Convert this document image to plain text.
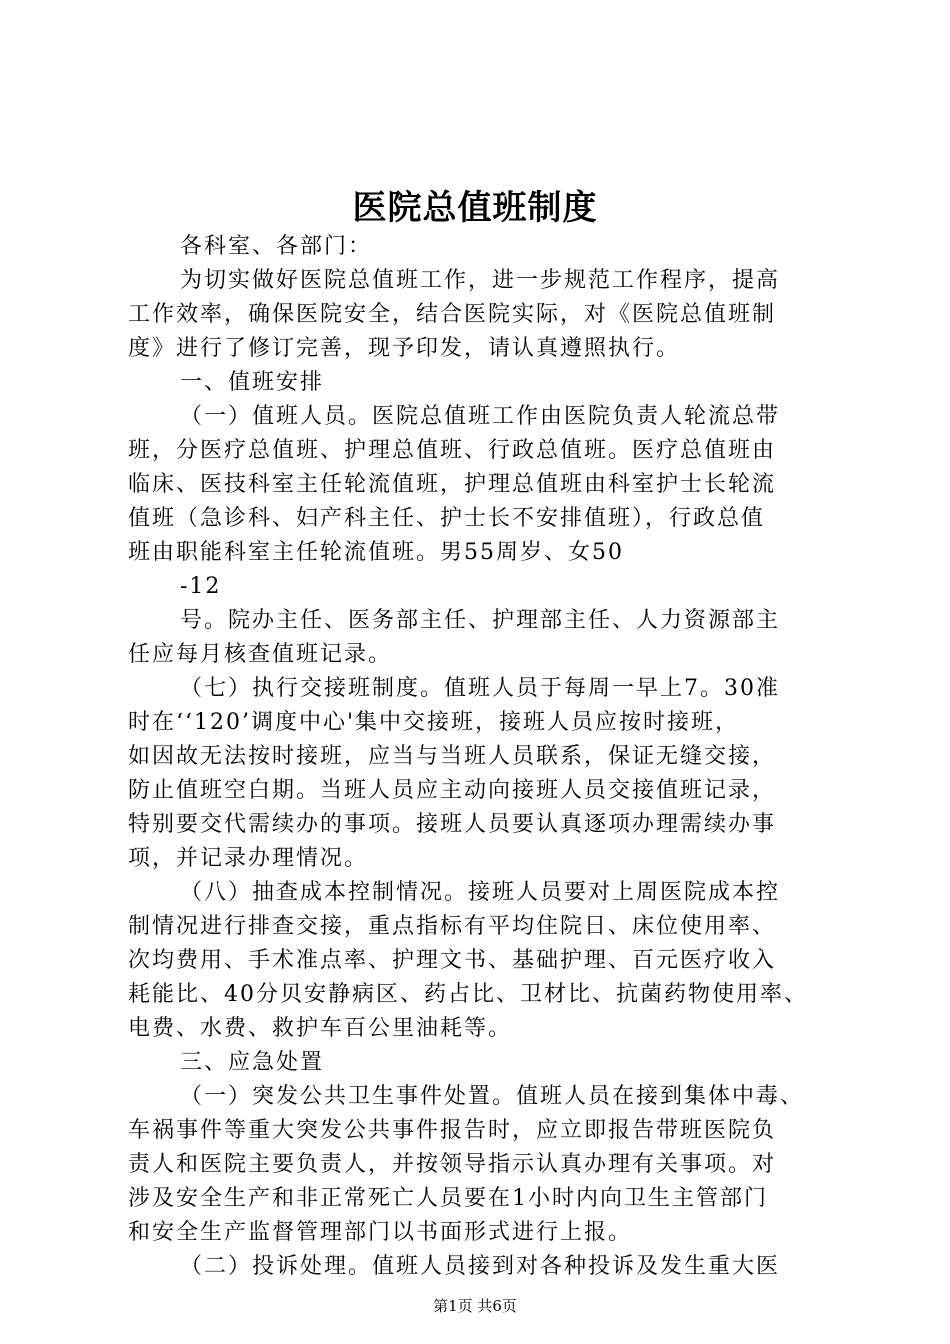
医院总值班制度
各科室、各部门：
为切实做好医院总值班工作，进一步规范工作程序，提高
工作效率，确保医院安全，结合医院实际，对《医院总值班制
度》进行了修订完善，现予印发，请认真遵照执行。
一、值班安排
（一）值班人员。医院总值班工作由医院负责人轮流总带
班，分医疗总值班、护理总值班、行政总值班。医疗总值班由
临床、医技科室主任轮流值班，护理总值班由科室护士长轮流
值班（急诊科、妇产科主任、护士长不安排值班），行政总值
班由职能科室主任轮流值班。男55周岁、女50
-12
号。院办主任、医务部主任、护理部主任、人力资源部主
任应每月核查值班记录。
（七）执行交接班制度。值班人员于每周一早上7。30准
时在‘‘120’调度中心'集中交接班，接班人员应按时接班，
如因故无法按时接班，应当与当班人员联系，保证无缝交接，
防止值班空白期。当班人员应主动向接班人员交接值班记录，
特别要交代需续办的事项。接班人员要认真逐项办理需续办事
项，并记录办理情况。
（八）抽查成本控制情况。接班人员要对上周医院成本控
制情况进行排查交接，重点指标有平均住院日、床位使用率、
次均费用、手术准点率、护理文书、基础护理、百元医疗收入
耗能比、40分贝安静病区、药占比、卫材比、抗菌药物使用率、
电费、水费、救护车百公里油耗等。
三、应急处置
（一）突发公共卫生事件处置。值班人员在接到集体中毒、
车祸事件等重大突发公共事件报告时，应立即报告带班医院负
责人和医院主要负责人，并按领导指示认真办理有关事项。对
涉及安全生产和非正常死亡人员要在1小时内向卫生主管部门
和安全生产监督管理部门以书面形式进行上报。
（二）投诉处理。值班人员接到对各种投诉及发生重大医
第1页 共6页
